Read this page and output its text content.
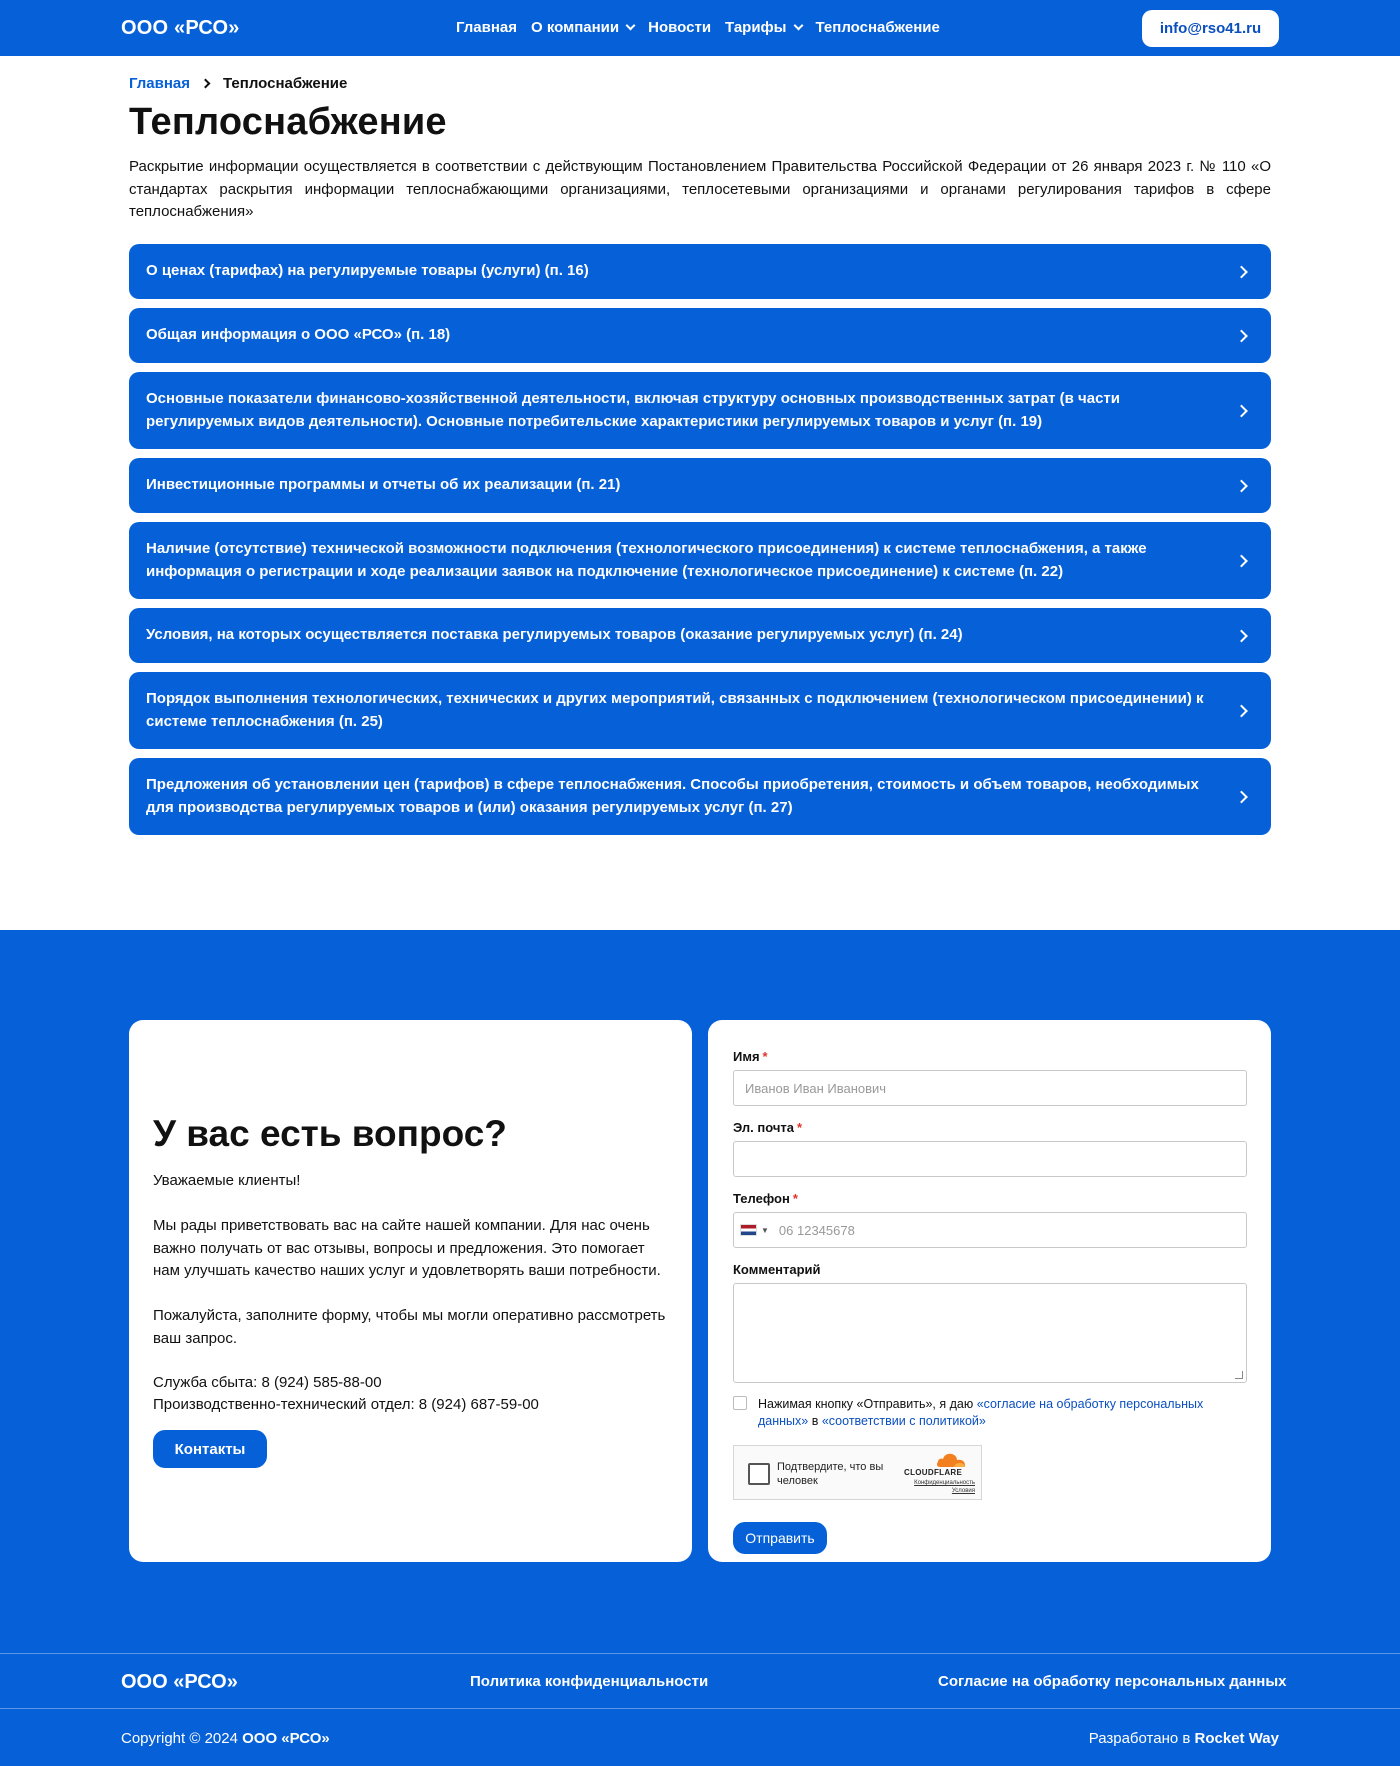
ООО «РСО»	Главная О компании Новости Тарифы Теплоснабжение	info@rso41.ru
Главная Теплоснабжение
Теплоснабжение

Раскрытие информации осуществляется в соответствии с действующим Постановлением Правительства Российской Федерации от 26 января 2023 г. № 110 «О стандартах раскрытия информации теплоснабжающими организациями, теплосетевыми организациями и органами регулирования тарифов в сфере теплоснабжения»

О ценах (тарифах) на регулируемые товары (услуги) (п. 16)
Общая информация о ООО «РСО» (п. 18)
Основные показатели финансово-хозяйственной деятельности, включая структуру основных производственных затрат (в части регулируемых видов деятельности). Основные потребительские характеристики регулируемых товаров и услуг (п. 19)
Инвестиционные программы и отчеты об их реализации (п. 21)
Наличие (отсутствие) технической возможности подключения (технологического присоединения) к системе теплоснабжения, а также информация о регистрации и ходе реализации заявок на подключение (технологическое присоединение) к системе (п. 22)
Условия, на которых осуществляется поставка регулируемых товаров (оказание регулируемых услуг) (п. 24)
Порядок выполнения технологических, технических и других мероприятий, связанных с подключением (технологическом присоединении) к системе теплоснабжения (п. 25)
Предложения об установлении цен (тарифов) в сфере теплоснабжения. Способы приобретения, стоимость и объем товаров, необходимых для производства регулируемых товаров и (или) оказания регулируемых услуг (п. 27)
У вас есть вопрос?

Уважаемые клиенты!

Мы рады приветствовать вас на сайте нашей компании. Для нас очень важно получать от вас отзывы, вопросы и предложения. Это помогает нам улучшать качество наших услуг и удовлетворять ваши потребности.

Пожалуйста, заполните форму, чтобы мы могли оперативно рассмотреть ваш запрос.

Служба сбыта: 8 (924) 585-88-00

Производственно-технический отдел: 8 (924) 687-59-00

Контакты
Имя *
Иванов Иван Иванович
Эл. почта *
Телефон *
▼ 06 12345678
Комментарий
Нажимая кнопку «Отправить», я даю «согласие на обработку персональных данных» в «соответствии с политикой»
Подтвердите, что вы человек
CLOUDFLARE
Конфиденциальность
Условия
Отправить
ООО «РСО»	Политика конфиденциальности	Согласие на обработку персональных данных
Copyright © 2024 ООО «РСО»	Разработано в Rocket Way
